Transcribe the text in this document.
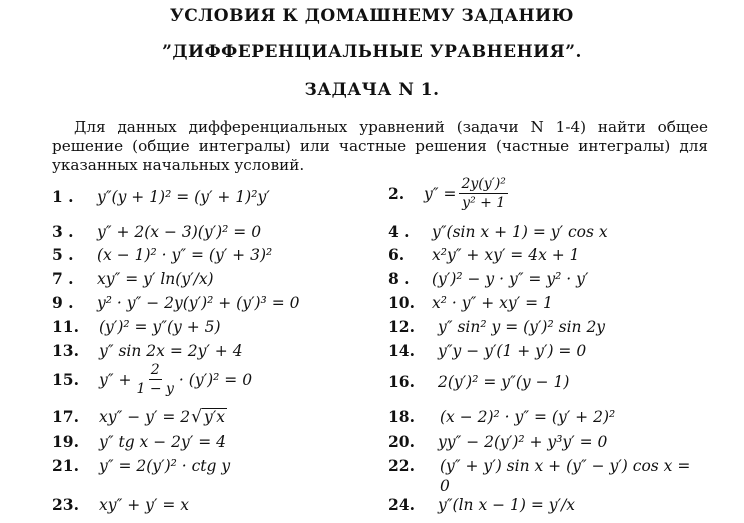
УСЛОВИЯ К ДОМАШНЕМУ ЗАДАНИЮ
”ДИФФЕРЕНЦИАЛЬНЫЕ УРАВНЕНИЯ”.
ЗАДАЧА N 1.

Для данных дифференциальных уравнений (задачи N 1-4) найти общее решение (общие интегралы) или частные решения (частные интегралы) для указанных начальных условий.

1 .	y″(y + 1)² = (y′ + 1)²y′	2.	$y'' = \frac{\text{2y(y′)²}}{\text{y² + 1}}$
3 .	y″ + 2(x − 3)(y′)² = 0	4 .	y″(sin x + 1) = y′ cos x
5 .	(x − 1)² · y″ = (y′ + 3)²	6.	x²y″ + xy′ = 4x + 1
7 .	xy″ = y′ ln(y′/x)	8 .	(y′)² − y · y″ = y² · y′
9 .	y² · y″ − 2y(y′)² + (y′)³ = 0	10.	x² · y″ + xy′ = 1
11.	(y′)² = y″(y + 5)	12.	y″ sin² y = (y′)² sin 2y
13.	y″ sin 2x = 2y′ + 4	14.	y″y − y′(1 + y′) = 0
15.	$y'' + \frac{2}{1 - y} \cdot (y')^2 = 0$	16.	2(y′)² = y″(y − 1)
17.	xy″ − y′ = 2 √ y′x	18.	(x − 2)² · y″ = (y′ + 2)²
19.	y″ tg x − 2y′ = 4	20.	yy″ − 2(y′)² + y³y′ = 0
21.	y″ = 2(y′)² · ctg y	22.	(y″ + y′) sin x + (y″ − y′) cos x =
0
23.	xy″ + y′ = x	24.	y″(ln x − 1) = y′/x
